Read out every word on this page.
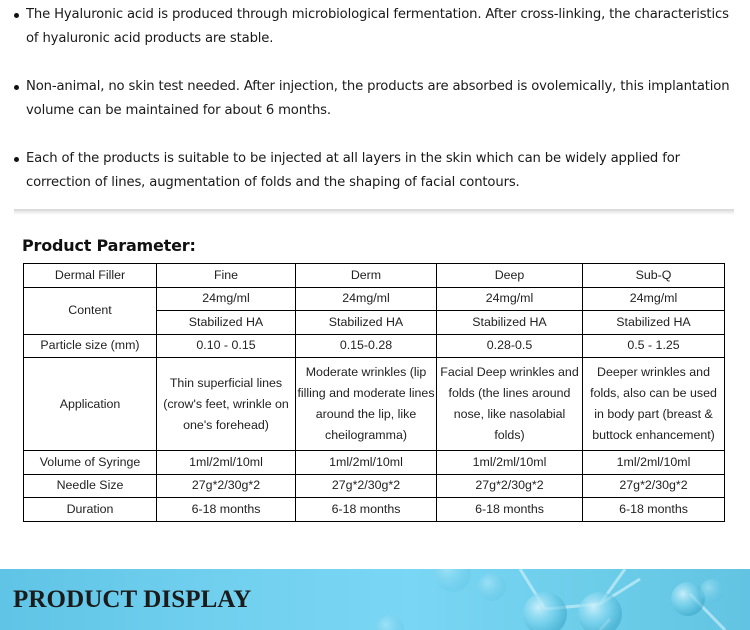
The Hyaluronic acid is produced through microbiological fermentation. After cross-linking, the characteristics of hyaluronic acid products are stable.
Non-animal, no skin test needed. After injection, the products are absorbed is ovolemically, this implantation volume can be maintained for about 6 months.
Each of the products is suitable to be injected at all layers in the skin which can be widely applied for correction of lines, augmentation of folds and the shaping of facial contours.
Product Parameter:
Dermal Filler	Fine	Derm	Deep	Sub-Q
Content	24mg/ml	24mg/ml	24mg/ml	24mg/ml
	Stabilized HA	Stabilized HA	Stabilized HA	Stabilized HA
Particle size (mm)	0.10 - 0.15	0.15-0.28	0.28-0.5	0.5 - 1.25
Application	Thin superficial lines (crow's feet, wrinkle on one's forehead)	Moderate wrinkles (lip filling and moderate lines around the lip, like cheilogramma)	Facial Deep wrinkles and folds (the lines around nose, like nasolabial folds)	Deeper wrinkles and folds, also can be used in body part (breast & buttock enhancement)
Volume of Syringe	1ml/2ml/10ml	1ml/2ml/10ml	1ml/2ml/10ml	1ml/2ml/10ml
Needle Size	27g*2/30g*2	27g*2/30g*2	27g*2/30g*2	27g*2/30g*2
Duration	6-18 months	6-18 months	6-18 months	6-18 months
PRODUCT DISPLAY
